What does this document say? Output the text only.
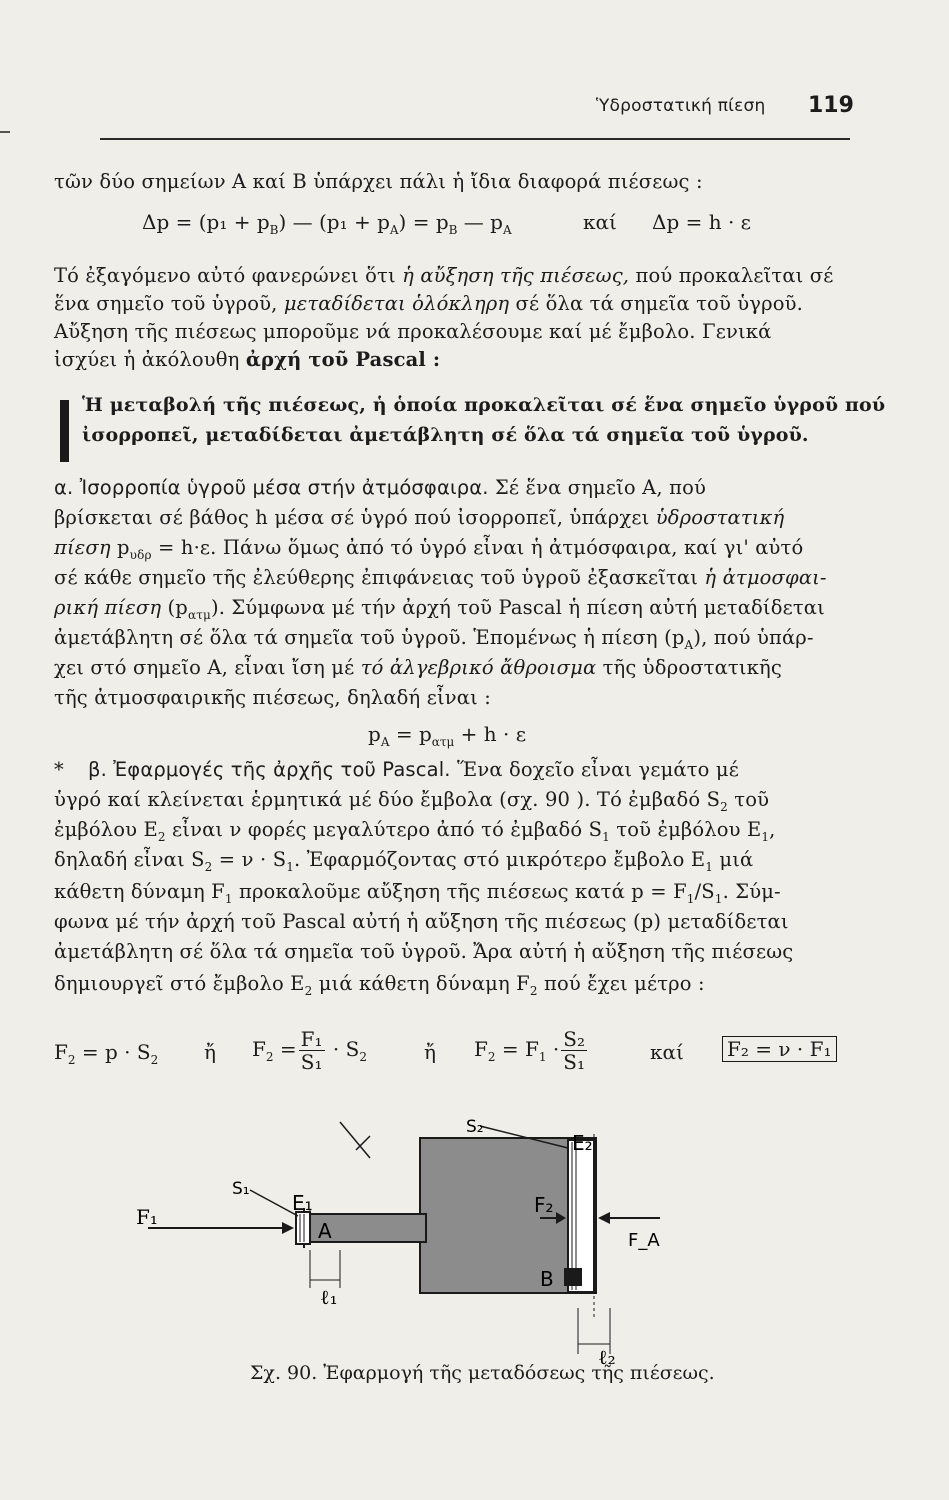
Ὑδροστατική πίεση 119
τῶν δύο σημείων Α καί Β ὑπάρχει πάλι ἡ ἴδια διαφορά πιέσεως :
$\Delta p = (p_1 + p_B)$ — $(p_1 + p_A) = p_B$ — $p_A$	καί Δp = h · ε
Τό ἐξαγόμενο αὐτό φανερώνει ὅτι ἡ αὔξηση τῆς πιέσεως, πού προκαλεῖται σέ
ἕνα σημεῖο τοῦ ὑγροῦ, μεταδίδεται ὁλόκληρη σέ ὅλα τά σημεῖα τοῦ ὑγροῦ.
Αὔξηση τῆς πιέσεως μποροῦμε νά προκαλέσουμε καί μέ ἔμβολο. Γενικά
ἰσχύει ἡ ἀκόλουθη ἀρχή τοῦ Pascal :
Ἡ μεταβολή τῆς πιέσεως, ἡ ὁποία προκαλεῖται σέ ἕνα σημεῖο ὑγροῦ πού
ἰσορροπεῖ, μεταδίδεται ἀμετάβλητη σέ ὅλα τά σημεῖα τοῦ ὑγροῦ.
α. Ἰσορροπία ὑγροῦ μέσα στήν ἀτμόσφαιρα. Σέ ἕνα σημεῖο Α, πού
βρίσκεται σέ βάθος h μέσα σέ ὑγρό πού ἰσορροπεῖ, ὑπάρχει ὑδροστατική
πίεση $p_{\upsilon\delta\rho} = h\cdot\varepsilon$. Πάνω ὅμως ἀπό τό ὑγρό εἶναι ἡ ἀτμόσφαιρα, καί γι' αὐτό
σέ κάθε σημεῖο τῆς ἐλεύθερης ἐπιφάνειας τοῦ ὑγροῦ ἐξασκεῖται ἡ ἀτμοσφαι-
ρική πίεση $(p_{\alpha\tau\mu})$. Σύμφωνα μέ τήν ἀρχή τοῦ Pascal ἡ πίεση αὐτή μεταδίδεται
ἀμετάβλητη σέ ὅλα τά σημεῖα τοῦ ὑγροῦ. Ἑπομένως ἡ πίεση $(p_A)$, πού ὑπάρ-
χει στό σημεῖο Α, εἶναι ἴση μέ τό ἀλγεβρικό ἄθροισμα τῆς ὑδροστατικῆς
τῆς ἀτμοσφαιρικῆς πιέσεως, δηλαδή εἶναι :
$p_A = p_{\alpha\tau\mu} + h \cdot \varepsilon$
*	β. Ἐφαρμογές τῆς ἀρχῆς τοῦ Pascal. Ἕνα δοχεῖο εἶναι γεμάτο μέ
ὑγρό καί κλείνεται ἑρμητικά μέ δύο ἔμβολα (σχ. 90 ). Τό ἐμβαδό $S_2$ τοῦ
ἐμβόλου $E_2$ εἶναι ν φορές μεγαλύτερο ἀπό τό ἐμβαδό $S_1$ τοῦ ἐμβόλου $E_1$,
δηλαδή εἶναι $S_2 = \nu \cdot S_1$. Ἐφαρμόζοντας στό μικρότερο ἔμβολο $E_1$ μιά
κάθετη δύναμη $F_1$ προκαλοῦμε αὔξηση τῆς πιέσεως κατά $p = F_1/S_1$. Σύμ-
φωνα μέ τήν ἀρχή τοῦ Pascal αὐτή ἡ αὔξηση τῆς πιέσεως (p) μεταδίδεται
ἀμετάβλητη σέ ὅλα τά σημεῖα τοῦ ὑγροῦ. Ἄρα αὐτή ἡ αὔξηση τῆς πιέσεως
δημιουργεῖ στό ἔμβολο $E_2$ μιά κάθετη δύναμη $F_2$ πού ἔχει μέτρο :
$F_2 = p \cdot S_2$ ἤ $F_2 = \frac{\text{F₁}}{\text{S₁}} \cdot S_2$	ἤ $F_2 = F_1 \cdot \frac{\text{S₂}}{\text{S₁}}$	καί F₂ = ν · F₁
S₁
E₁
F₁
A
ℓ₁
S₂
E₂
F₂
F_A
B
ℓ₂
Σχ. 90. Ἐφαρμογή τῆς μεταδόσεως τῆς πιέσεως.
